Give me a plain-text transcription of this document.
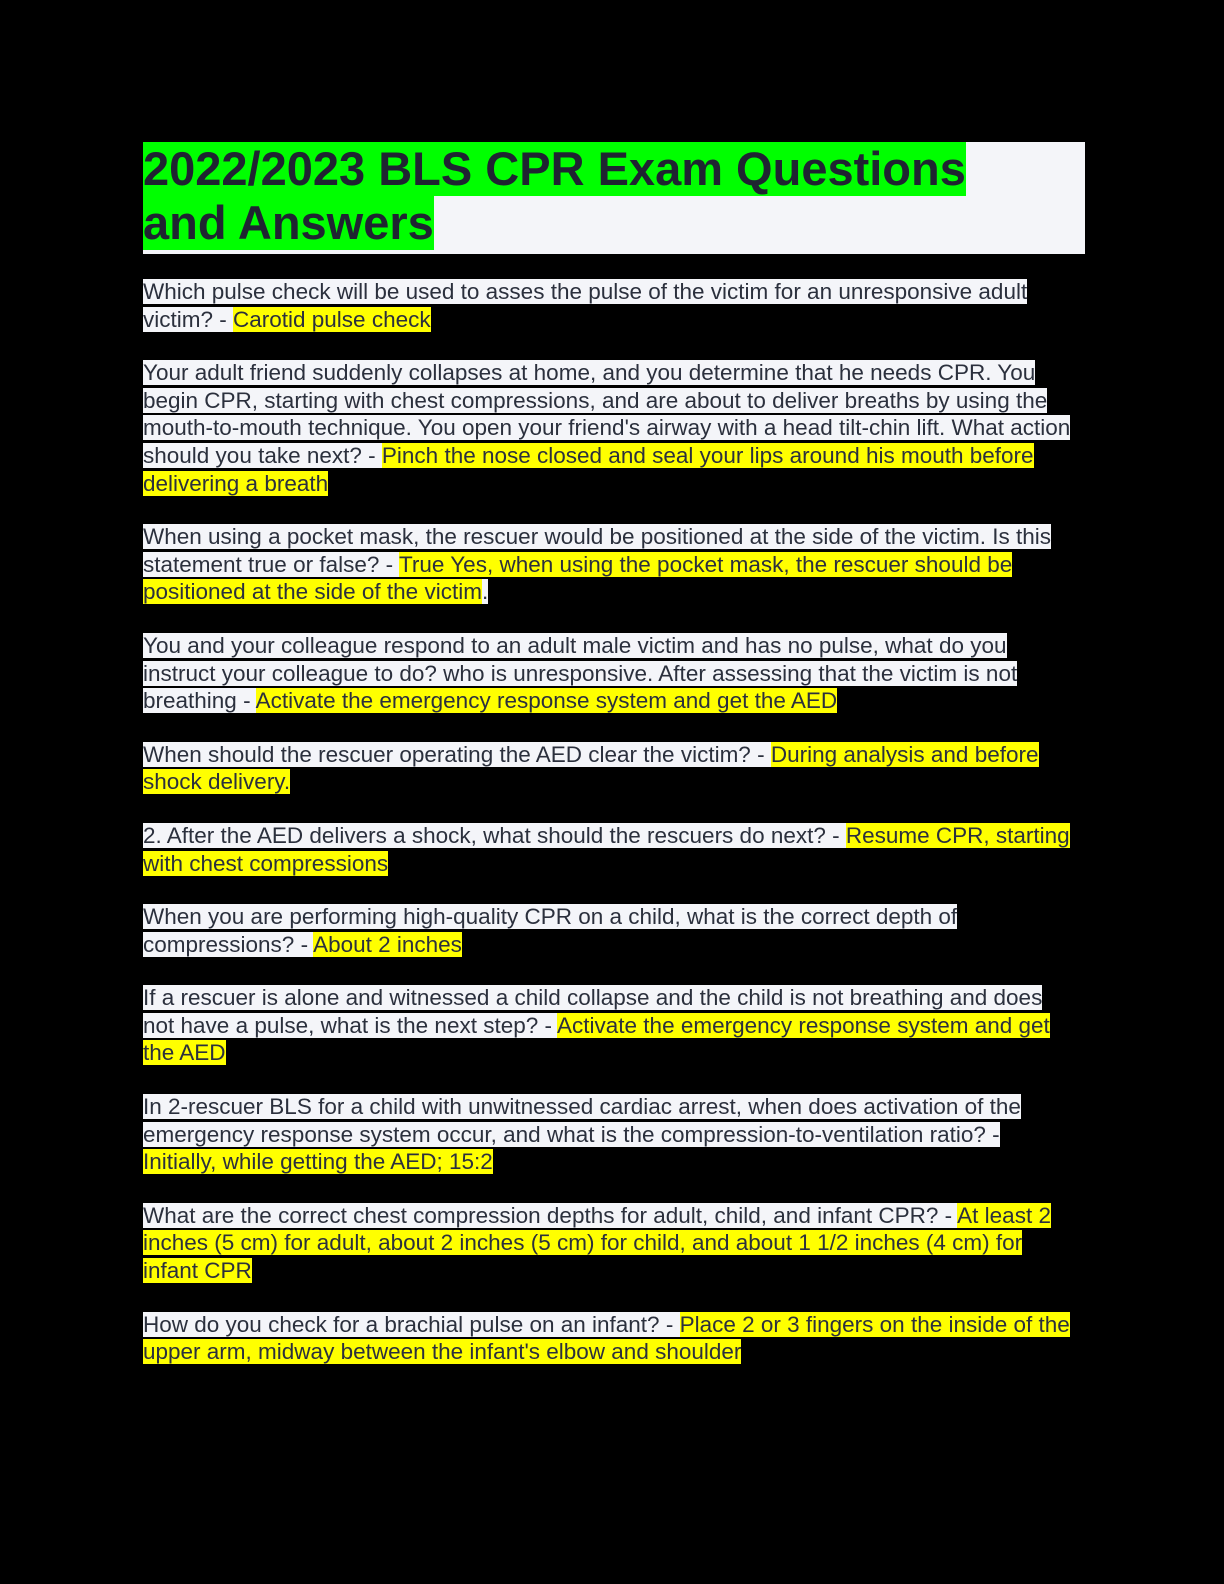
2022/2023 BLS CPR Exam Questions and Answers

Which pulse check will be used to asses the pulse of the victim for an unresponsive adult victim? - Carotid pulse check

Your adult friend suddenly collapses at home, and you determine that he needs CPR. You begin CPR, starting with chest compressions, and are about to deliver breaths by using the mouth-to-mouth technique. You open your friend's airway with a head tilt-chin lift. What action should you take next? - Pinch the nose closed and seal your lips around his mouth before delivering a breath

When using a pocket mask, the rescuer would be positioned at the side of the victim. Is this statement true or false? - True Yes, when using the pocket mask, the rescuer should be positioned at the side of the victim.

You and your colleague respond to an adult male victim and has no pulse, what do you instruct your colleague to do? who is unresponsive. After assessing that the victim is not breathing - Activate the emergency response system and get the AED

When should the rescuer operating the AED clear the victim? - During analysis and before shock delivery.

2. After the AED delivers a shock, what should the rescuers do next? - Resume CPR, starting with chest compressions

When you are performing high-quality CPR on a child, what is the correct depth of compressions? - About 2 inches

If a rescuer is alone and witnessed a child collapse and the child is not breathing and does not have a pulse, what is the next step? - Activate the emergency response system and get the AED

In 2-rescuer BLS for a child with unwitnessed cardiac arrest, when does activation of the emergency response system occur, and what is the compression-to-ventilation ratio? - Initially, while getting the AED; 15:2

What are the correct chest compression depths for adult, child, and infant CPR? - At least 2 inches (5 cm) for adult, about 2 inches (5 cm) for child, and about 1 1/2 inches (4 cm) for infant CPR

How do you check for a brachial pulse on an infant? - Place 2 or 3 fingers on the inside of the upper arm, midway between the infant's elbow and shoulder
